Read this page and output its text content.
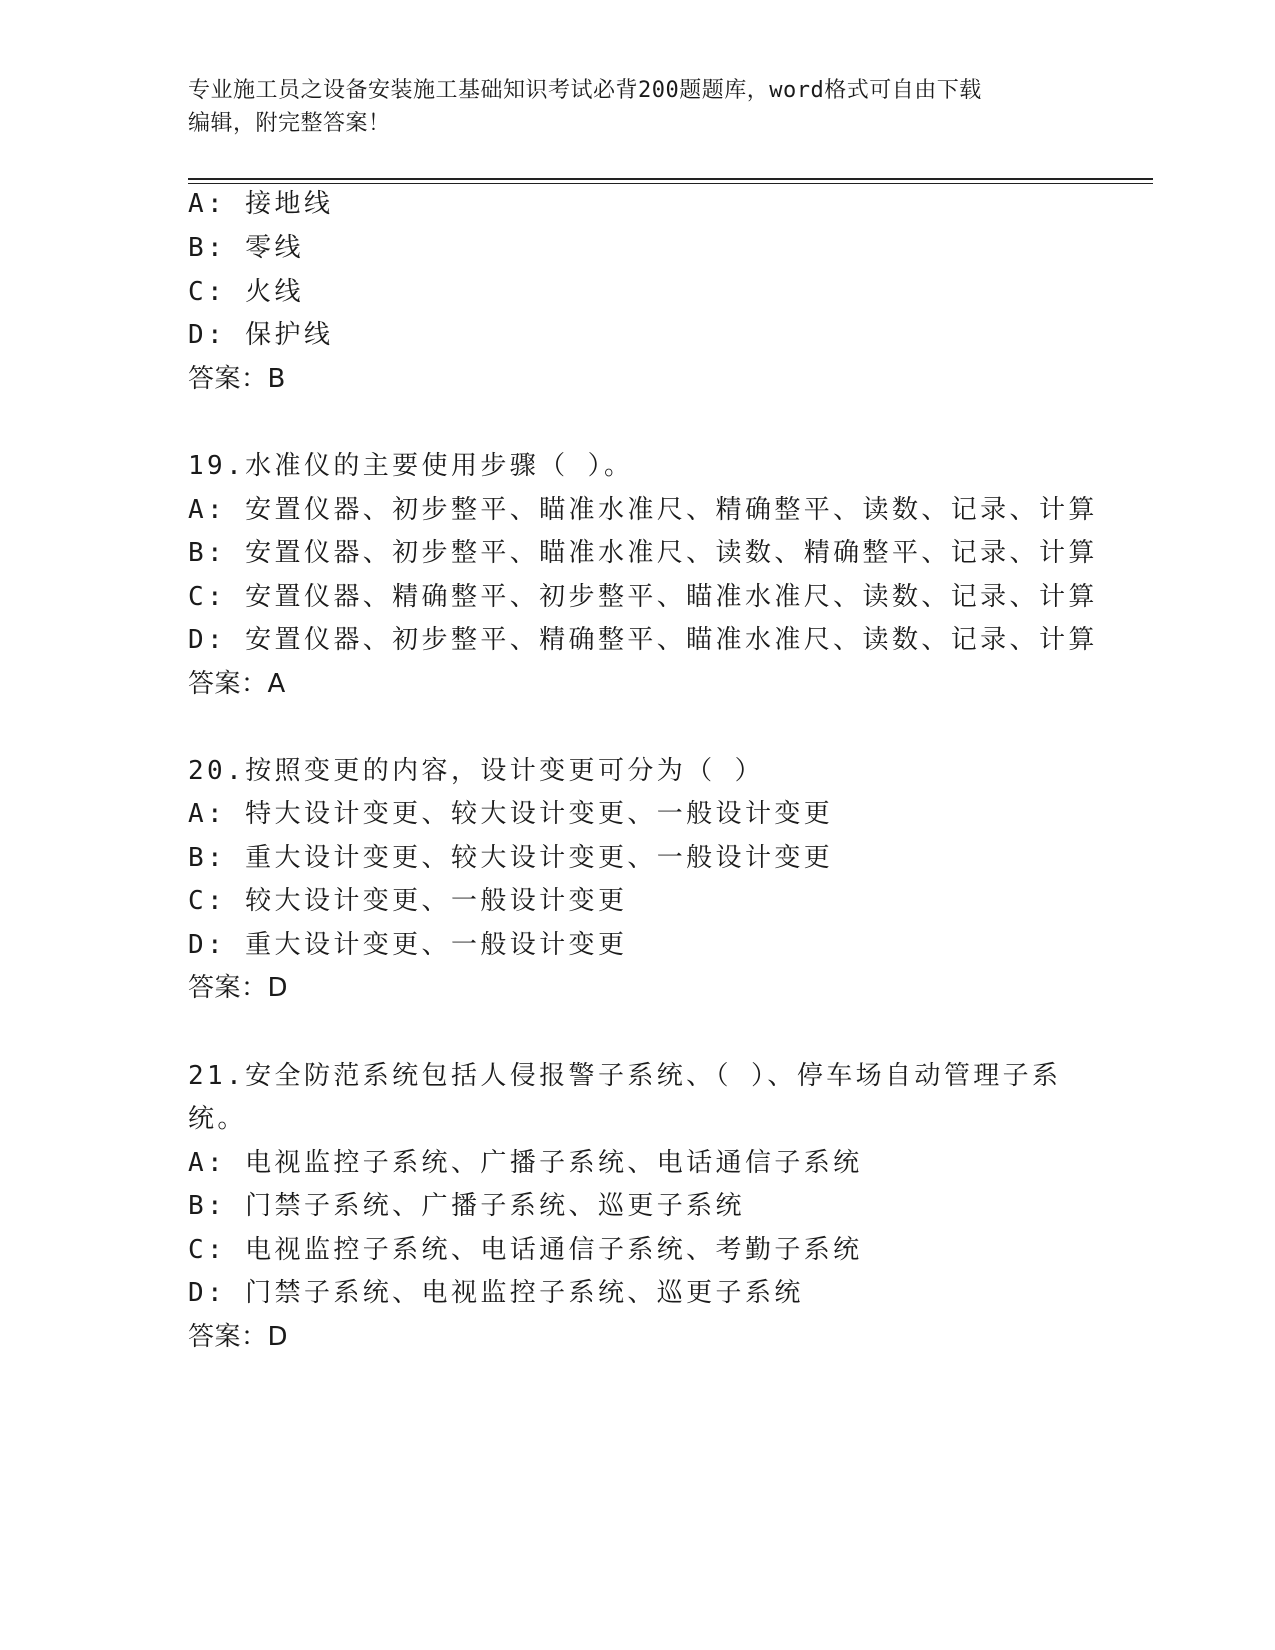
专业施工员之设备安装施工基础知识考试必背200题题库，word格式可自由下载
编辑，附完整答案！
A: 接地线
B: 零线
C: 火线
D: 保护线
答案：B
19.水准仪的主要使用步骤（ ）。
A: 安置仪器、初步整平、瞄准水准尺、精确整平、读数、记录、计算
B: 安置仪器、初步整平、瞄准水准尺、读数、精确整平、记录、计算
C: 安置仪器、精确整平、初步整平、瞄准水准尺、读数、记录、计算
D: 安置仪器、初步整平、精确整平、瞄准水准尺、读数、记录、计算
答案：A
20.按照变更的内容，设计变更可分为（ ）
A: 特大设计变更、较大设计变更、一般设计变更
B: 重大设计变更、较大设计变更、一般设计变更
C: 较大设计变更、一般设计变更
D: 重大设计变更、一般设计变更
答案：D
21.安全防范系统包括人侵报警子系统、（ ）、停车场自动管理子系
统。
A: 电视监控子系统、广播子系统、电话通信子系统
B: 门禁子系统、广播子系统、巡更子系统
C: 电视监控子系统、电话通信子系统、考勤子系统
D: 门禁子系统、电视监控子系统、巡更子系统
答案：D
